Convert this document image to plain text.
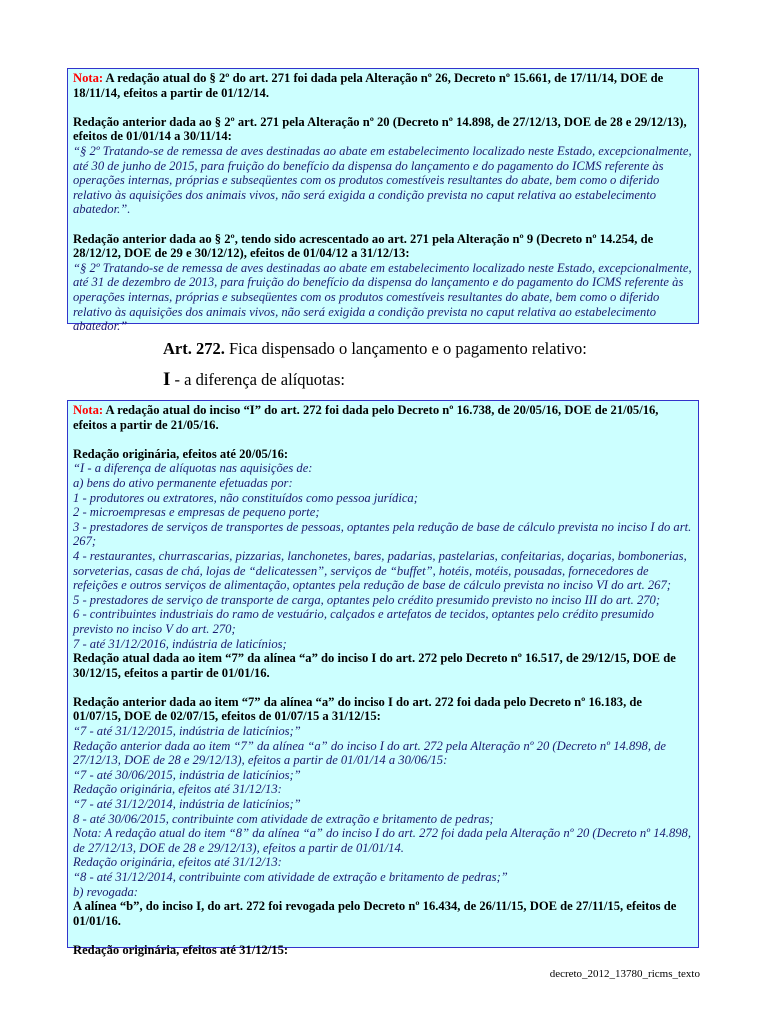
Nota: A redação atual do § 2º do art. 271 foi dada pela Alteração nº 26, Decreto nº 15.661, de 17/11/14, DOE de 18/11/14, efeitos a partir de 01/12/14.

Redação anterior dada ao § 2º art. 271 pela Alteração nº 20 (Decreto nº 14.898, de 27/12/13, DOE de 28 e 29/12/13), efeitos de 01/01/14 a 30/11/14:

“§ 2º Tratando-se de remessa de aves destinadas ao abate em estabelecimento localizado neste Estado, excepcionalmente, até 30 de junho de 2015, para fruição do benefício da dispensa do lançamento e do pagamento do ICMS referente às operações internas, próprias e subseqüentes com os produtos comestíveis resultantes do abate, bem como o diferido relativo às aquisições dos animais vivos, não será exigida a condição prevista no caput relativa ao estabelecimento abatedor.”.

Redação anterior dada ao § 2º, tendo sido acrescentado ao art. 271 pela Alteração nº 9 (Decreto nº 14.254, de 28/12/12, DOE de 29 e 30/12/12), efeitos de 01/04/12 a 31/12/13:

“§ 2º Tratando-se de remessa de aves destinadas ao abate em estabelecimento localizado neste Estado, excepcionalmente, até 31 de dezembro de 2013, para fruição do benefício da dispensa do lançamento e do pagamento do ICMS referente às operações internas, próprias e subseqüentes com os produtos comestíveis resultantes do abate, bem como o diferido relativo às aquisições dos animais vivos, não será exigida a condição prevista no caput relativa ao estabelecimento abatedor.”

Art. 272. Fica dispensado o lançamento e o pagamento relativo:
I - a diferença de alíquotas:

Nota: A redação atual do inciso “I” do art. 272 foi dada pelo Decreto nº 16.738, de 20/05/16, DOE de 21/05/16, efeitos a partir de 21/05/16.

Redação originária, efeitos até 20/05/16:

“I - a diferença de alíquotas nas aquisições de:

a) bens do ativo permanente efetuadas por:

1 - produtores ou extratores, não constituídos como pessoa jurídica;

2 - microempresas e empresas de pequeno porte;

3 - prestadores de serviços de transportes de pessoas, optantes pela redução de base de cálculo prevista no inciso I do art. 267;

4 - restaurantes, churrascarias, pizzarias, lanchonetes, bares, padarias, pastelarias, confeitarias, doçarias, bombonerias, sorveterias, casas de chá, lojas de “delicatessen”, serviços de “buffet”, hotéis, motéis, pousadas, fornecedores de refeições e outros serviços de alimentação, optantes pela redução de base de cálculo prevista no inciso VI do art. 267;

5 - prestadores de serviço de transporte de carga, optantes pelo crédito presumido previsto no inciso III do art. 270;

6 - contribuintes industriais do ramo de vestuário, calçados e artefatos de tecidos, optantes pelo crédito presumido previsto no inciso V do art. 270;

7 - até 31/12/2016, indústria de laticínios;

Redação atual dada ao item “7” da alínea “a” do inciso I do art. 272 pelo Decreto nº 16.517, de 29/12/15, DOE de 30/12/15, efeitos a partir de 01/01/16.

Redação anterior dada ao item “7” da alínea “a” do inciso I do art. 272 foi dada pelo Decreto nº 16.183, de 01/07/15, DOE de 02/07/15, efeitos de 01/07/15 a 31/12/15:

“7 - até 31/12/2015, indústria de laticínios;”

Redação anterior dada ao item “7” da alínea “a” do inciso I do art. 272 pela Alteração nº 20 (Decreto nº 14.898, de 27/12/13, DOE de 28 e 29/12/13), efeitos a partir de 01/01/14 a 30/06/15:

“7 - até 30/06/2015, indústria de laticínios;”

Redação originária, efeitos até 31/12/13:

“7 - até 31/12/2014, indústria de laticínios;”

8 - até 30/06/2015, contribuinte com atividade de extração e britamento de pedras;

Nota: A redação atual do item “8” da alínea “a” do inciso I do art. 272 foi dada pela Alteração nº 20 (Decreto nº 14.898, de 27/12/13, DOE de 28 e 29/12/13), efeitos a partir de 01/01/14.

Redação originária, efeitos até 31/12/13:

“8 - até 31/12/2014, contribuinte com atividade de extração e britamento de pedras;”

b) revogada:

A alínea “b”, do inciso I, do art. 272 foi revogada pelo Decreto nº 16.434, de 26/11/15, DOE de 27/11/15, efeitos de 01/01/16.

Redação originária, efeitos até 31/12/15:

decreto_2012_13780_ricms_texto
